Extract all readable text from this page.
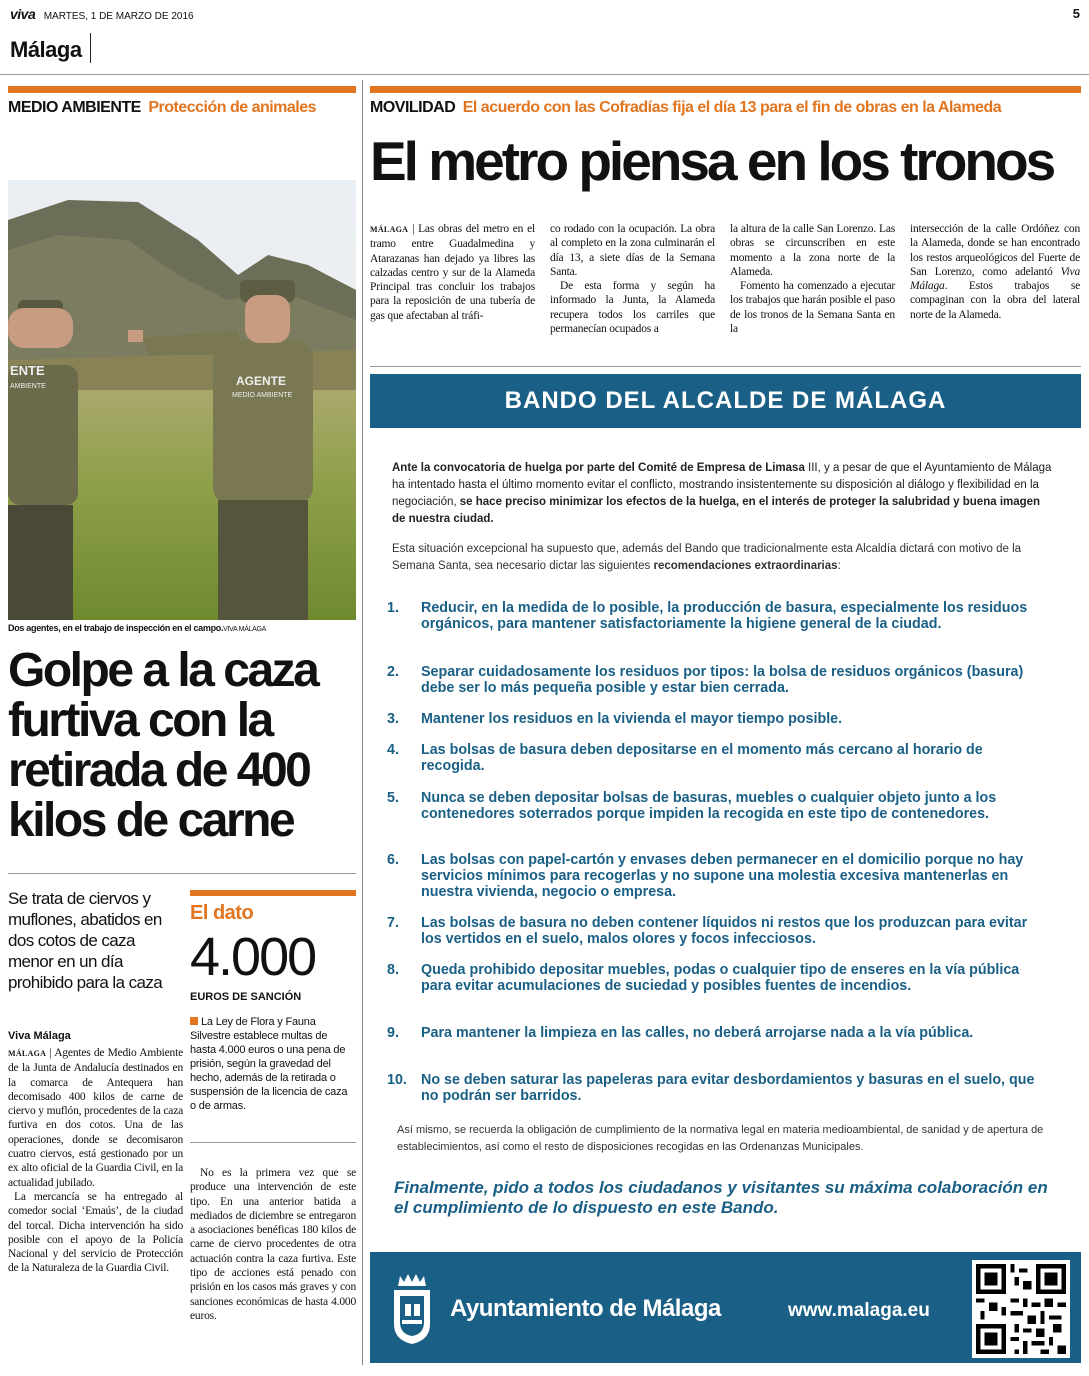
viva MARTES, 1 DE MARZO DE 2016	5
Málaga
MEDIO AMBIENTE Protección de animales
ENTE
AMBIENTE	AGENTE
MEDIO AMBIENTE
Dos agentes, en el trabajo de inspección en el campo.VIVA MÁLAGA
Golpe a la caza furtiva con la retirada de 400 kilos de carne
Se trata de ciervos y muflones, abatidos en dos cotos de caza menor en un día prohibido para la caza
El dato
4.000
EUROS DE SANCIÓN
La Ley de Flora y Fauna Silvestre establece multas de hasta 4.000 euros o una pena de prisión, según la gravedad del hecho, además de la retirada o suspensión de la licencia de caza o de armas.
Viva Málaga

MÁLAGA | Agentes de Medio Ambiente de la Junta de Andalucía destinados en la comarca de Antequera han decomisado 400 kilos de carne de ciervo y muflón, procedentes de la caza furtiva en dos cotos. Una de las operaciones, donde se decomisaron cuatro ciervos, está gestionado por un ex alto oficial de la Guardia Civil, en la actualidad jubilado.

La mercancía se ha entregado al comedor social ‘Emaús’, de la ciudad del torcal. Dicha intervención ha sido posible con el apoyo de la Policía Nacional y del servicio de Protección de la Naturaleza de la Guardia Civil.

No es la primera vez que se produce una intervención de este tipo. En una anterior batida a mediados de diciembre se entregaron a asociaciones benéficas 180 kilos de carne de ciervo procedentes de otra actuación contra la caza furtiva. Este tipo de acciones está penado con prisión en los casos más graves y con sanciones económicas de hasta 4.000 euros.

MOVILIDAD El acuerdo con las Cofradías fija el día 13 para el fin de obras en la Alameda
El metro piensa en los tronos

MÁLAGA | Las obras del metro en el tramo entre Guadalmedina y Atarazanas han dejado ya libres las calzadas centro y sur de la Alameda Principal tras concluir los trabajos para la reposición de una tubería de gas que afectaban al tráfi-

co rodado con la ocupación. La obra al completo en la zona culminarán el día 13, a siete días de la Semana Santa.

De esta forma y según ha informado la Junta, la Alameda recupera todos los carriles que permanecían ocupados a

la altura de la calle San Lorenzo. Las obras se circunscriben en este momento a la zona norte de la Alameda.

Fomento ha comenzado a ejecutar los trabajos que harán posible el paso de los tronos de la Semana Santa en la

intersección de la calle Ordóñez con la Alameda, donde se han encontrado los restos arqueológicos del Fuerte de San Lorenzo, como adelantó Viva Málaga. Estos trabajos se compaginan con la obra del lateral norte de la Alameda.

BANDO DEL ALCALDE DE MÁLAGA
Ante la convocatoria de huelga por parte del Comité de Empresa de Limasa III, y a pesar de que el Ayuntamiento de Málaga ha intentado hasta el último momento evitar el conflicto, mostrando insistentemente su disposición al diálogo y flexibilidad en la negociación, se hace preciso minimizar los efectos de la huelga, en el interés de proteger la salubridad y buena imagen de nuestra ciudad.
Esta situación excepcional ha supuesto que, además del Bando que tradicionalmente esta Alcaldía dictará con motivo de la Semana Santa, sea necesario dictar las siguientes recomendaciones extraordinarias:
1.	Reducir, en la medida de lo posible, la producción de basura, especialmente los residuos orgánicos, para mantener satisfactoriamente la higiene general de la ciudad.
2.	Separar cuidadosamente los residuos por tipos: la bolsa de residuos orgánicos (basura) debe ser lo más pequeña posible y estar bien cerrada.
3.	Mantener los residuos en la vivienda el mayor tiempo posible.
4.	Las bolsas de basura deben depositarse en el momento más cercano al horario de recogida.
5.	Nunca se deben depositar bolsas de basuras, muebles o cualquier objeto junto a los contenedores soterrados porque impiden la recogida en este tipo de contenedores.
6.	Las bolsas con papel-cartón y envases deben permanecer en el domicilio porque no hay servicios mínimos para recogerlas y no supone una molestia excesiva mantenerlas en nuestra vivienda, negocio o empresa.
7.	Las bolsas de basura no deben contener líquidos ni restos que los produzcan para evitar los vertidos en el suelo, malos olores y focos infecciosos.
8.	Queda prohibido depositar muebles, podas o cualquier tipo de enseres en la vía pública para evitar acumulaciones de suciedad y posibles fuentes de incendios.
9.	Para mantener la limpieza en las calles, no deberá arrojarse nada a la vía pública.
10. No se deben saturar las papeleras para evitar desbordamientos y basuras en el suelo, que no podrán ser barridos.
Así mismo, se recuerda la obligación de cumplimiento de la normativa legal en materia medioambiental, de sanidad y de apertura de establecimientos, así como el resto de disposiciones recogidas en las Ordenanzas Municipales.
Finalmente, pido a todos los ciudadanos y visitantes su máxima colaboración en el cumplimiento de lo dispuesto en este Bando.
Ayuntamiento de Málaga	www.malaga.eu
